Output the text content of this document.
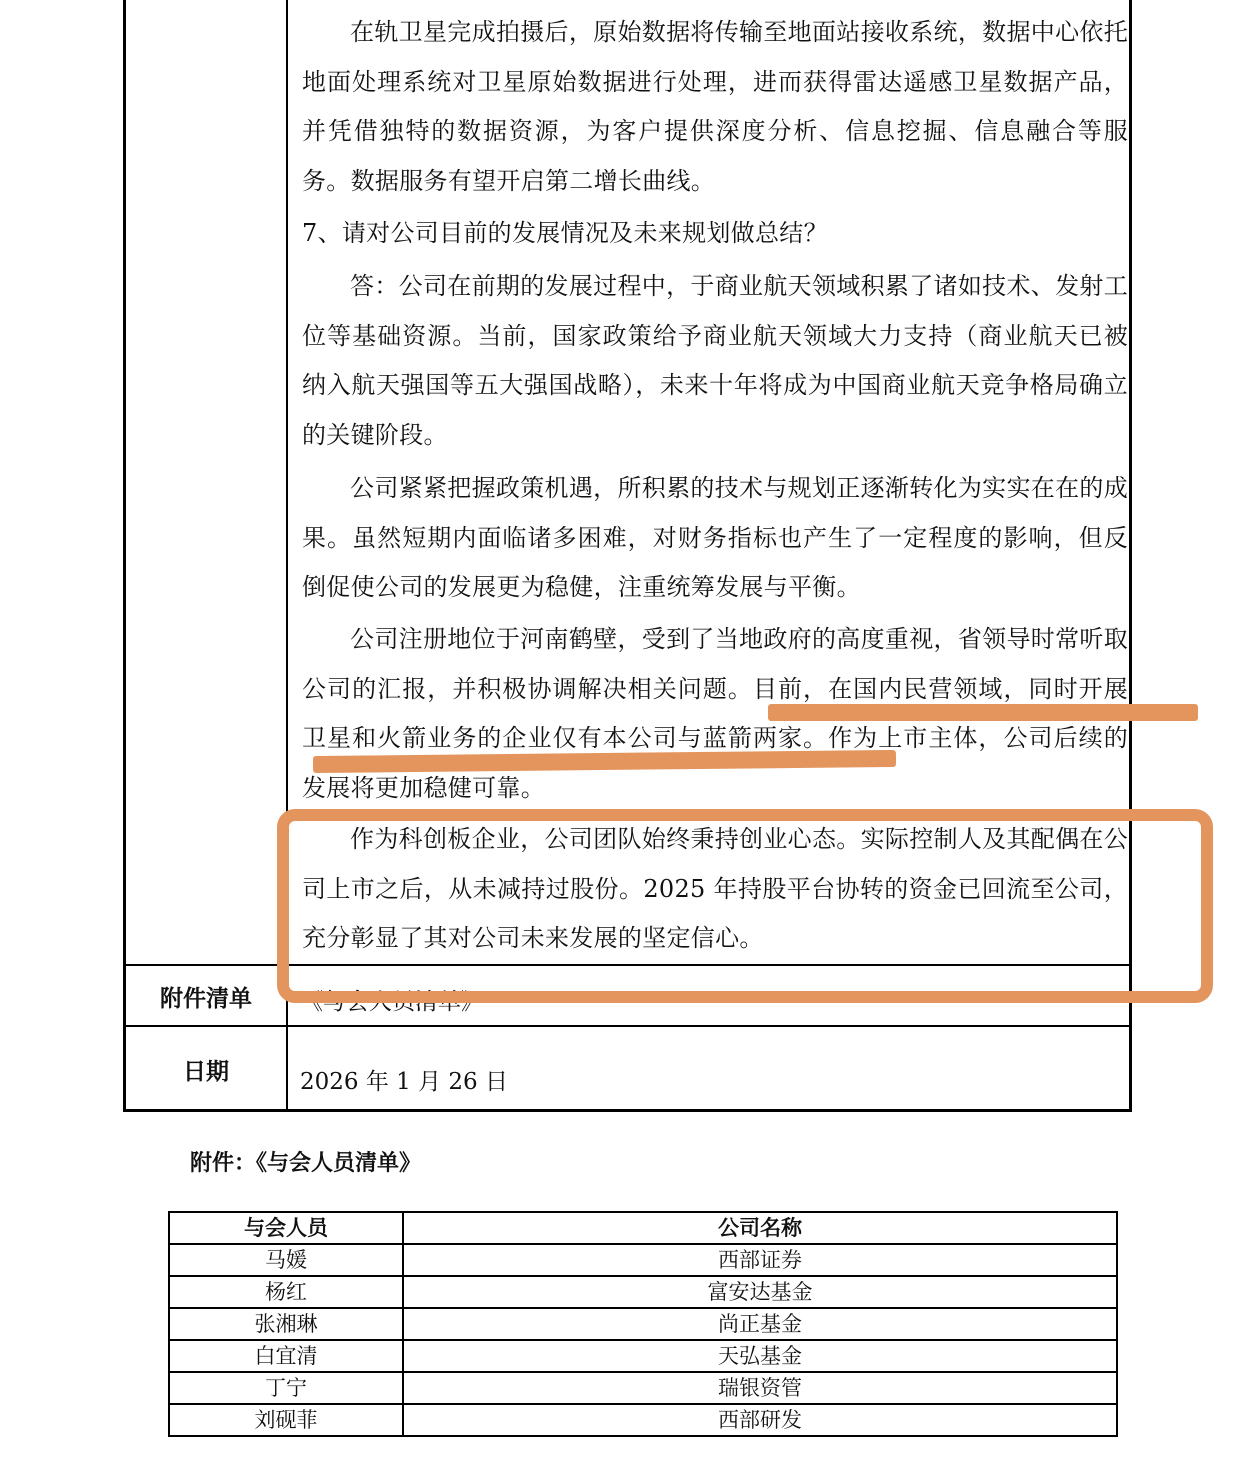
在轨卫星完成拍摄后，原始数据将传输至地面站接收系统，数据中心依托地面处理系统对卫星原始数据进行处理，进而获得雷达遥感卫星数据产品，并凭借独特的数据资源，为客户提供深度分析、信息挖掘、信息融合等服务。数据服务有望开启第二增长曲线。
7、请对公司目前的发展情况及未来规划做总结？
答：公司在前期的发展过程中，于商业航天领域积累了诸如技术、发射工位等基础资源。当前，国家政策给予商业航天领域大力支持（商业航天已被纳入航天强国等五大强国战略），未来十年将成为中国商业航天竞争格局确立的关键阶段。
公司紧紧把握政策机遇，所积累的技术与规划正逐渐转化为实实在在的成果。虽然短期内面临诸多困难，对财务指标也产生了一定程度的影响，但反倒促使公司的发展更为稳健，注重统筹发展与平衡。
公司注册地位于河南鹤壁，受到了当地政府的高度重视，省领导时常听取公司的汇报，并积极协调解决相关问题。目前，在国内民营领域，同时开展卫星和火箭业务的企业仅有本公司与蓝箭两家。作为上市主体，公司后续的发展将更加稳健可靠。
作为科创板企业，公司团队始终秉持创业心态。实际控制人及其配偶在公司上市之后，从未减持过股份。2025 年持股平台协转的资金已回流至公司，充分彰显了其对公司未来发展的坚定信心。
附件清单	《与会人员清单》
日期	2026 年 1 月 26 日
附件：《与会人员清单》
与会人员	公司名称
马媛	西部证券
杨红	富安达基金
张湘琳	尚正基金
白宜清	天弘基金
丁宁	瑞银资管
刘砚菲	西部研发
